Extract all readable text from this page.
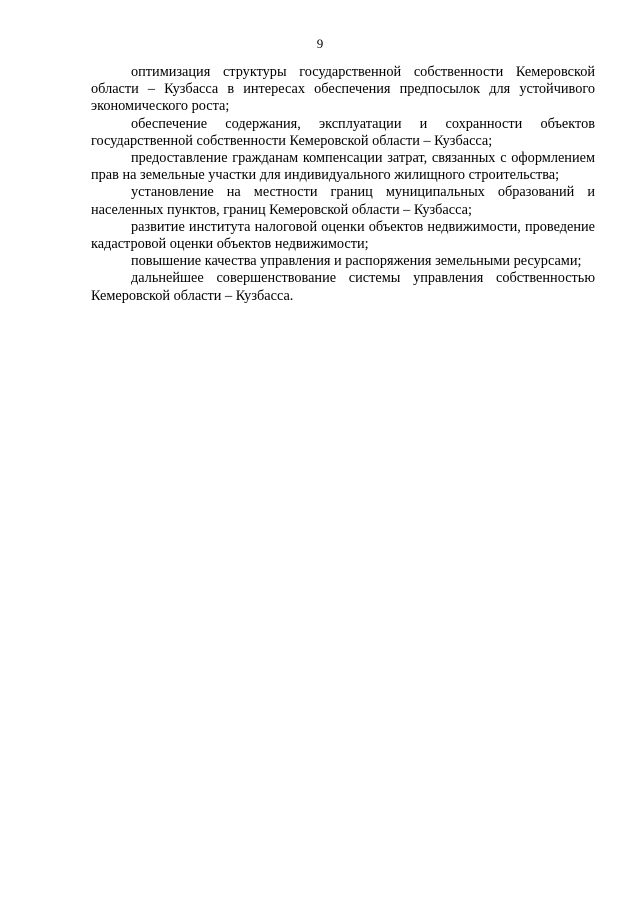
9

оптимизация структуры государственной собственности Кемеровской области – Кузбасса в интересах обеспечения предпосылок для устойчивого экономического роста;

обеспечение содержания, эксплуатации и сохранности объектов государственной собственности Кемеровской области – Кузбасса;

предоставление гражданам компенсации затрат, связанных с оформлением прав на земельные участки для индивидуального жилищного строительства;

установление на местности границ муниципальных образований и населенных пунктов, границ Кемеровской области – Кузбасса;

развитие института налоговой оценки объектов недвижимости, проведение кадастровой оценки объектов недвижимости;

повышение качества управления и распоряжения земельными ресурсами;

дальнейшее совершенствование системы управления собственностью Кемеровской области – Кузбасса.
